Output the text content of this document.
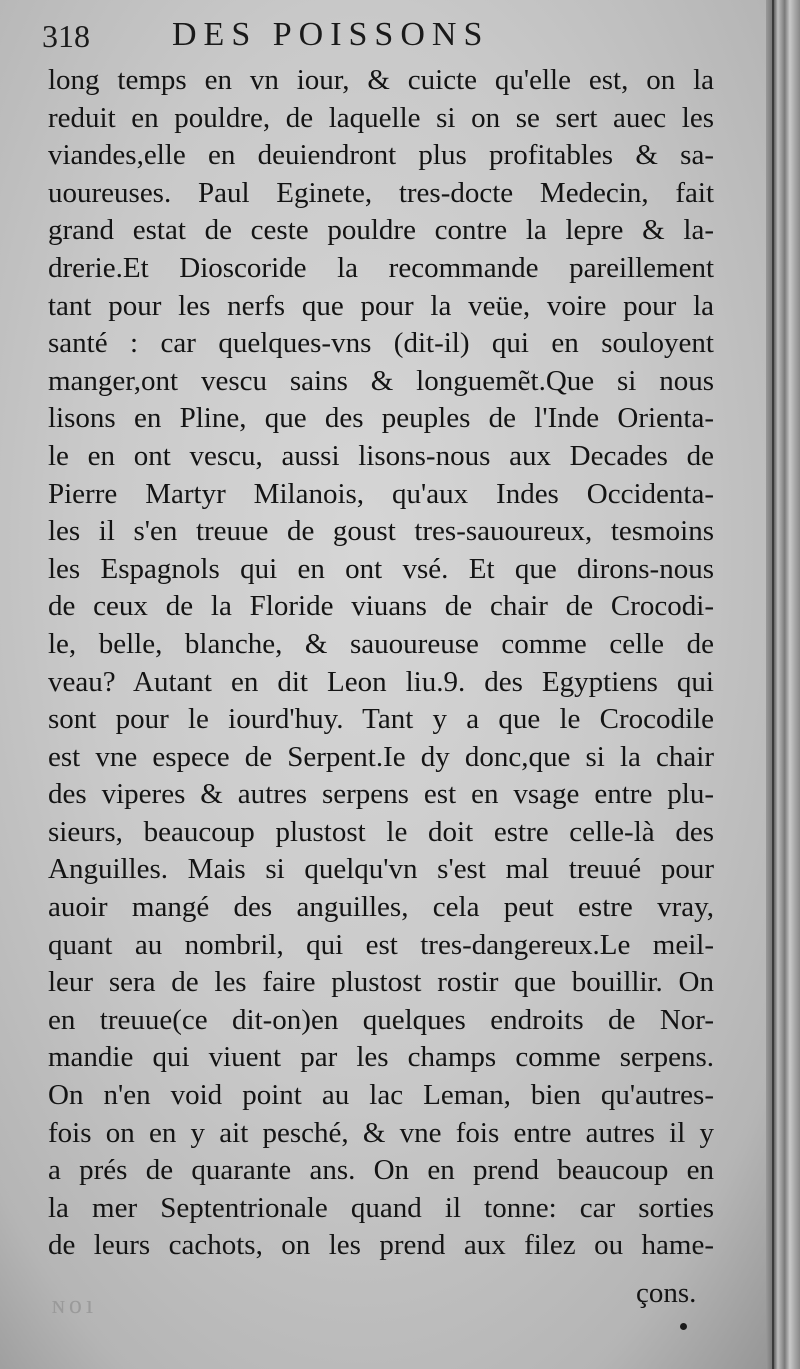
318 DES POISSONS
long temps en vn iour, & cuicte qu'elle est, on la
reduit en pouldre, de laquelle si on se sert auec les
viandes,elle en deuiendront plus profitables & sa-
uoureuses. Paul Eginete, tres-docte Medecin, fait
grand estat de ceste pouldre contre la lepre & la-
drerie.Et Dioscoride la recommande pareillement
tant pour les nerfs que pour la veüe, voire pour la
santé : car quelques-vns (dit-il) qui en souloyent
manger,ont vescu sains & longuemẽt.Que si nous
lisons en Pline, que des peuples de l'Inde Orienta-
le en ont vescu, aussi lisons-nous aux Decades de
Pierre Martyr Milanois, qu'aux Indes Occidenta-
les il s'en treuue de goust tres-sauoureux, tesmoins
les Espagnols qui en ont vsé. Et que dirons-nous
de ceux de la Floride viuans de chair de Crocodi-
le, belle, blanche, & sauoureuse comme celle de
veau? Autant en dit Leon liu.9. des Egyptiens qui
sont pour le iourd'huy. Tant y a que le Crocodile
est vne espece de Serpent.Ie dy donc,que si la chair
des viperes & autres serpens est en vsage entre plu-
sieurs, beaucoup plustost le doit estre celle-là des
Anguilles. Mais si quelqu'vn s'est mal treuué pour
auoir mangé des anguilles, cela peut estre vray,
quant au nombril, qui est tres-dangereux.Le meil-
leur sera de les faire plustost rostir que bouillir. On
en treuue(ce dit-on)en quelques endroits de Nor-
mandie qui viuent par les champs comme serpens.
On n'en void point au lac Leman, bien qu'autres-
fois on en y ait pesché, & vne fois entre autres il y
a prés de quarante ans. On en prend beaucoup en
la mer Septentrionale quand il tonne: car sorties
de leurs cachots, on les prend aux filez ou hame-
çons.
ɴoı
